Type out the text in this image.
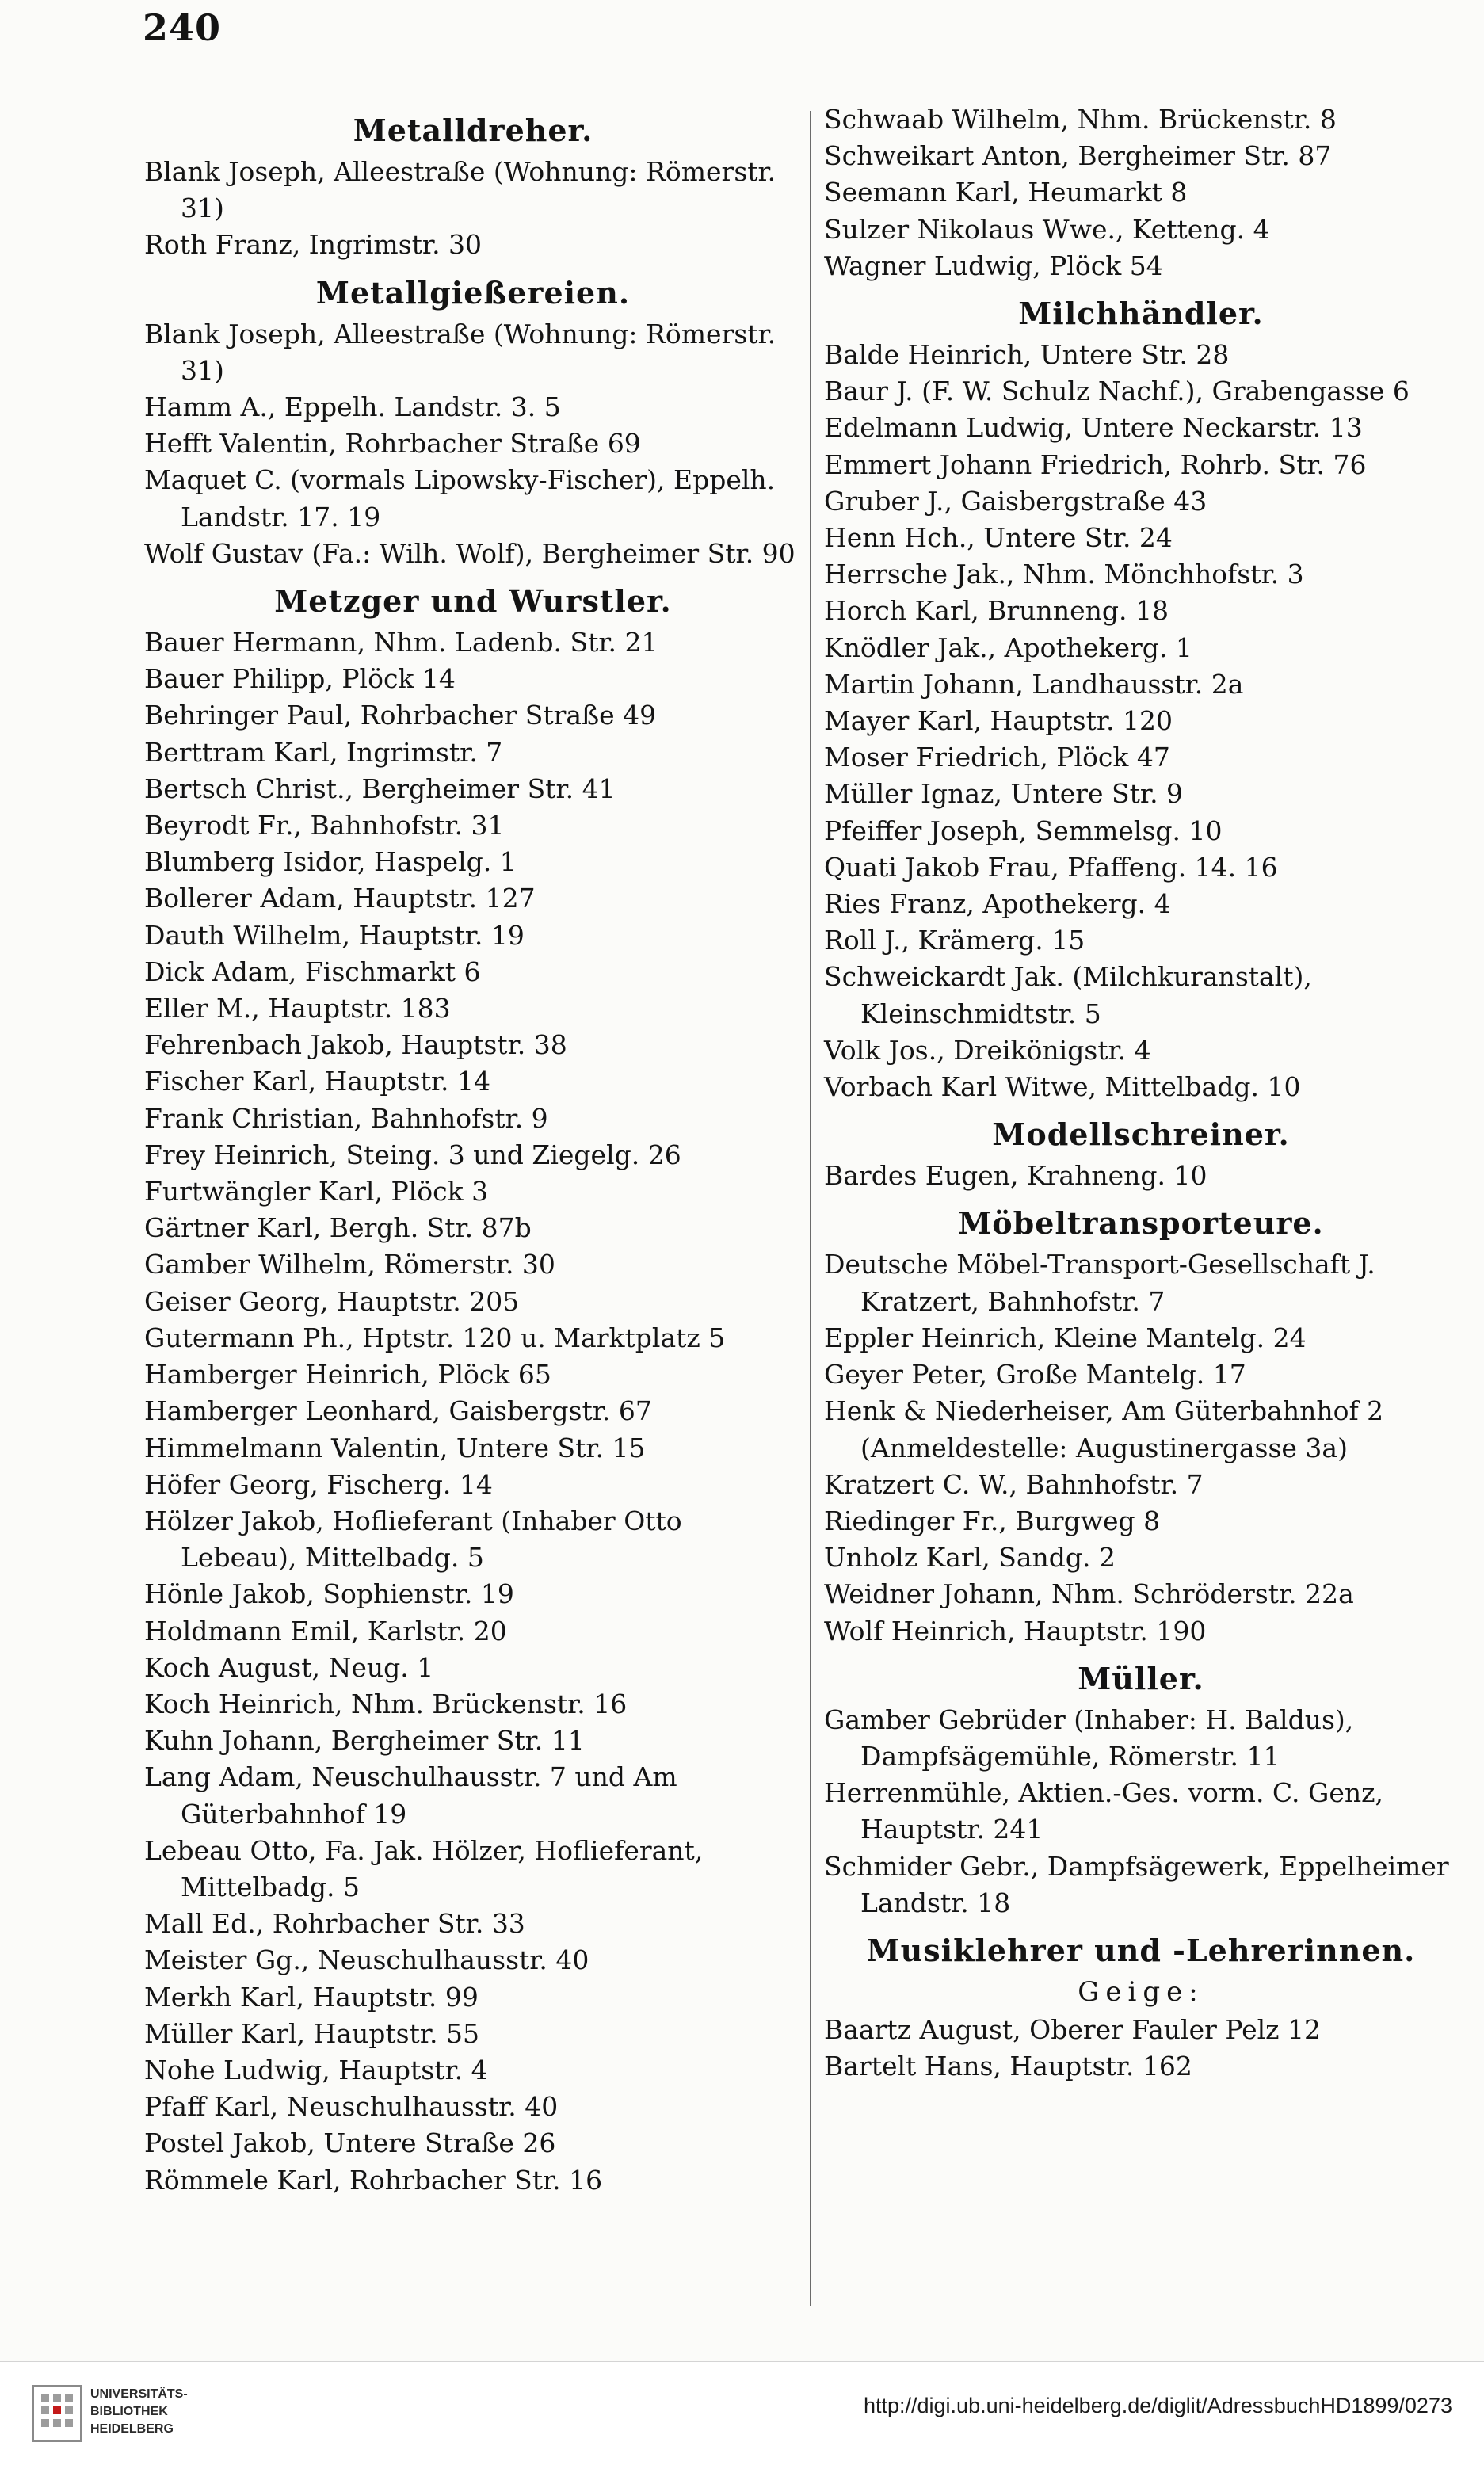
240
Metalldreher.
Blank Joseph, Alleestraße (Wohnung: Römerstr. 31)
Roth Franz, Ingrimstr. 30
Metallgießereien.
Blank Joseph, Alleestraße (Wohnung: Römerstr. 31)
Hamm A., Eppelh. Landstr. 3. 5
Hefft Valentin, Rohrbacher Straße 69
Maquet C. (vormals Lipowsky-Fischer), Eppelh. Landstr. 17. 19
Wolf Gustav (Fa.: Wilh. Wolf), Bergheimer Str. 90
Metzger und Wurstler.
Bauer Hermann, Nhm. Ladenb. Str. 21
Bauer Philipp, Plöck 14
Behringer Paul, Rohrbacher Straße 49
Berttram Karl, Ingrimstr. 7
Bertsch Christ., Bergheimer Str. 41
Beyrodt Fr., Bahnhofstr. 31
Blumberg Isidor, Haspelg. 1
Bollerer Adam, Hauptstr. 127
Dauth Wilhelm, Hauptstr. 19
Dick Adam, Fischmarkt 6
Eller M., Hauptstr. 183
Fehrenbach Jakob, Hauptstr. 38
Fischer Karl, Hauptstr. 14
Frank Christian, Bahnhofstr. 9
Frey Heinrich, Steing. 3 und Ziegelg. 26
Furtwängler Karl, Plöck 3
Gärtner Karl, Bergh. Str. 87b
Gamber Wilhelm, Römerstr. 30
Geiser Georg, Hauptstr. 205
Gutermann Ph., Hptstr. 120 u. Marktplatz 5
Hamberger Heinrich, Plöck 65
Hamberger Leonhard, Gaisbergstr. 67
Himmelmann Valentin, Untere Str. 15
Höfer Georg, Fischerg. 14
Hölzer Jakob, Hoflieferant (Inhaber Otto Lebeau), Mittelbadg. 5
Hönle Jakob, Sophienstr. 19
Holdmann Emil, Karlstr. 20
Koch August, Neug. 1
Koch Heinrich, Nhm. Brückenstr. 16
Kuhn Johann, Bergheimer Str. 11
Lang Adam, Neuschulhausstr. 7 und Am Güterbahnhof 19
Lebeau Otto, Fa. Jak. Hölzer, Hoflieferant, Mittelbadg. 5
Mall Ed., Rohrbacher Str. 33
Meister Gg., Neuschulhausstr. 40
Merkh Karl, Hauptstr. 99
Müller Karl, Hauptstr. 55
Nohe Ludwig, Hauptstr. 4
Pfaff Karl, Neuschulhausstr. 40
Postel Jakob, Untere Straße 26
Römmele Karl, Rohrbacher Str. 16
Schwaab Wilhelm, Nhm. Brückenstr. 8
Schweikart Anton, Bergheimer Str. 87
Seemann Karl, Heumarkt 8
Sulzer Nikolaus Wwe., Ketteng. 4
Wagner Ludwig, Plöck 54
Milchhändler.
Balde Heinrich, Untere Str. 28
Baur J. (F. W. Schulz Nachf.), Grabengasse 6
Edelmann Ludwig, Untere Neckarstr. 13
Emmert Johann Friedrich, Rohrb. Str. 76
Gruber J., Gaisbergstraße 43
Henn Hch., Untere Str. 24
Herrsche Jak., Nhm. Mönchhofstr. 3
Horch Karl, Brunneng. 18
Knödler Jak., Apothekerg. 1
Martin Johann, Landhausstr. 2a
Mayer Karl, Hauptstr. 120
Moser Friedrich, Plöck 47
Müller Ignaz, Untere Str. 9
Pfeiffer Joseph, Semmelsg. 10
Quati Jakob Frau, Pfaffeng. 14. 16
Ries Franz, Apothekerg. 4
Roll J., Krämerg. 15
Schweickardt Jak. (Milchkuranstalt), Kleinschmidtstr. 5
Volk Jos., Dreikönigstr. 4
Vorbach Karl Witwe, Mittelbadg. 10
Modellschreiner.
Bardes Eugen, Krahneng. 10
Möbeltransporteure.
Deutsche Möbel-Transport-Gesellschaft J. Kratzert, Bahnhofstr. 7
Eppler Heinrich, Kleine Mantelg. 24
Geyer Peter, Große Mantelg. 17
Henk & Niederheiser, Am Güterbahnhof 2 (Anmeldestelle: Augustinergasse 3a)
Kratzert C. W., Bahnhofstr. 7
Riedinger Fr., Burgweg 8
Unholz Karl, Sandg. 2
Weidner Johann, Nhm. Schröderstr. 22a
Wolf Heinrich, Hauptstr. 190
Müller.
Gamber Gebrüder (Inhaber: H. Baldus), Dampfsägemühle, Römerstr. 11
Herrenmühle, Aktien.-Ges. vorm. C. Genz, Hauptstr. 241
Schmider Gebr., Dampfsägewerk, Eppelheimer Landstr. 18
Musiklehrer und -Lehrerinnen.
Geige:
Baartz August, Oberer Fauler Pelz 12
Bartelt Hans, Hauptstr. 162
UNIVERSITÄTS-
BIBLIOTHEK
HEIDELBERG
http://digi.ub.uni-heidelberg.de/diglit/AdressbuchHD1899/0273
